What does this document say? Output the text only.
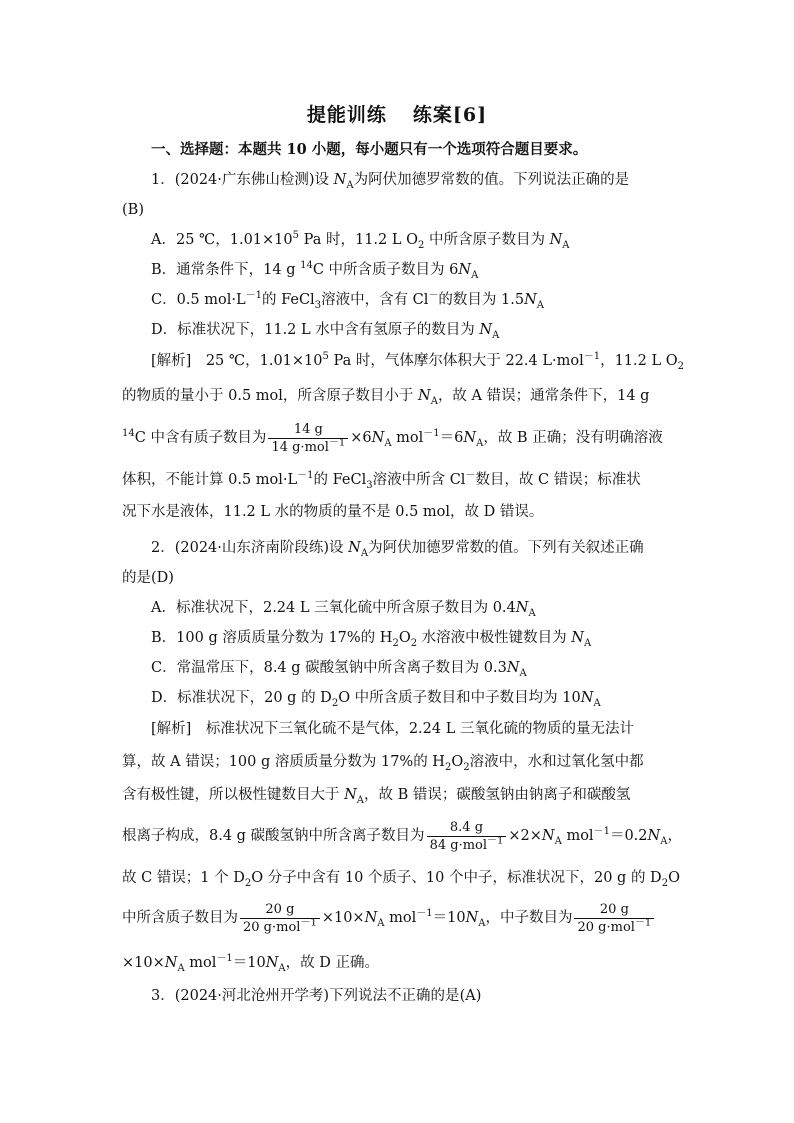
提能训练 练案[6]
一、选择题：本题共 10 小题，每小题只有一个选项符合题目要求。
1．(2024·广东佛山检测)设 $N_A$为阿伏加德罗常数的值。下列说法正确的是
(B)
A．25 ℃，$1.01\times 10^5$ Pa 时，11.2 L $O_2$ 中所含原子数目为 $N_A$
B．通常条件下，14 g $^{14}$C 中所含质子数目为 $6N_A$
C．0.5 $mol\cdot L^{-1}$的 FeCl$_3$溶液中，含有 Cl－的数目为 $1.5N_A$
D．标准状况下，11.2 L 水中含有氢原子的数目为 $N_A$
[解析]　25 ℃，$1.01\times 10^5$ Pa 时，气体摩尔体积大于 22.4 L·mol$^{-1}$，11.2 L $O_2$
的物质的量小于 0.5 mol，所含原子数目小于 $N_A$，故 A 错误；通常条件下，14 g
$^{14}$C 中含有质子数目为 $\frac{14 g}{14 g\cdot mol^{-1}} \times 6N_A$ $mol^{-1}=6N_A$，故 B 正确；没有明确溶液
体积，不能计算 0.5 $mol\cdot L^{-1}$的 FeCl$_3$溶液中所含 Cl－数目，故 C 错误；标准状
况下水是液体，11.2 L 水的物质的量不是 0.5 mol，故 D 错误。
2．(2024·山东济南阶段练)设 $N_A$为阿伏加德罗常数的值。下列有关叙述正确
的是(D)
A．标准状况下，2.24 L 三氧化硫中所含原子数目为 $0.4N_A$
B．100 g 溶质质量分数为 17%的 $H_2O_2$ 水溶液中极性键数目为 $N_A$
C．常温常压下，8.4 g 碳酸氢钠中所含离子数目为 $0.3N_A$
D．标准状况下，20 g 的 $D_2O$ 中所含质子数目和中子数目均为 $10N_A$
[解析]　标准状况下三氧化硫不是气体，2.24 L 三氧化硫的物质的量无法计
算，故 A 错误；100 g 溶质质量分数为 17%的 $H_2O_2$溶液中，水和过氧化氢中都
含有极性键，所以极性键数目大于 $N_A$，故 B 错误；碳酸氢钠由钠离子和碳酸氢
根离子构成，8.4 g 碳酸氢钠中所含离子数目为 $\frac{8.4 g}{84 g\cdot mol^{-1}} \times 2\times N_A$ $mol^{-1}=0.2N_A$，
故 C 错误；1 个 $D_2O$ 分子中含有 10 个质子、10 个中子，标准状况下，20 g 的 $D_2O$
中所含质子数目为 $\frac{20 g}{20 g\cdot mol^{-1}} \times 10\times N_A$ $mol^{-1}=10N_A$，中子数目为 $\frac{20 g}{20 g\cdot mol^{-1}}$
$\times 10\times N_A$ $mol^{-1}=10N_A$，故 D 正确。
3．(2024·河北沧州开学考)下列说法不正确的是(A)
